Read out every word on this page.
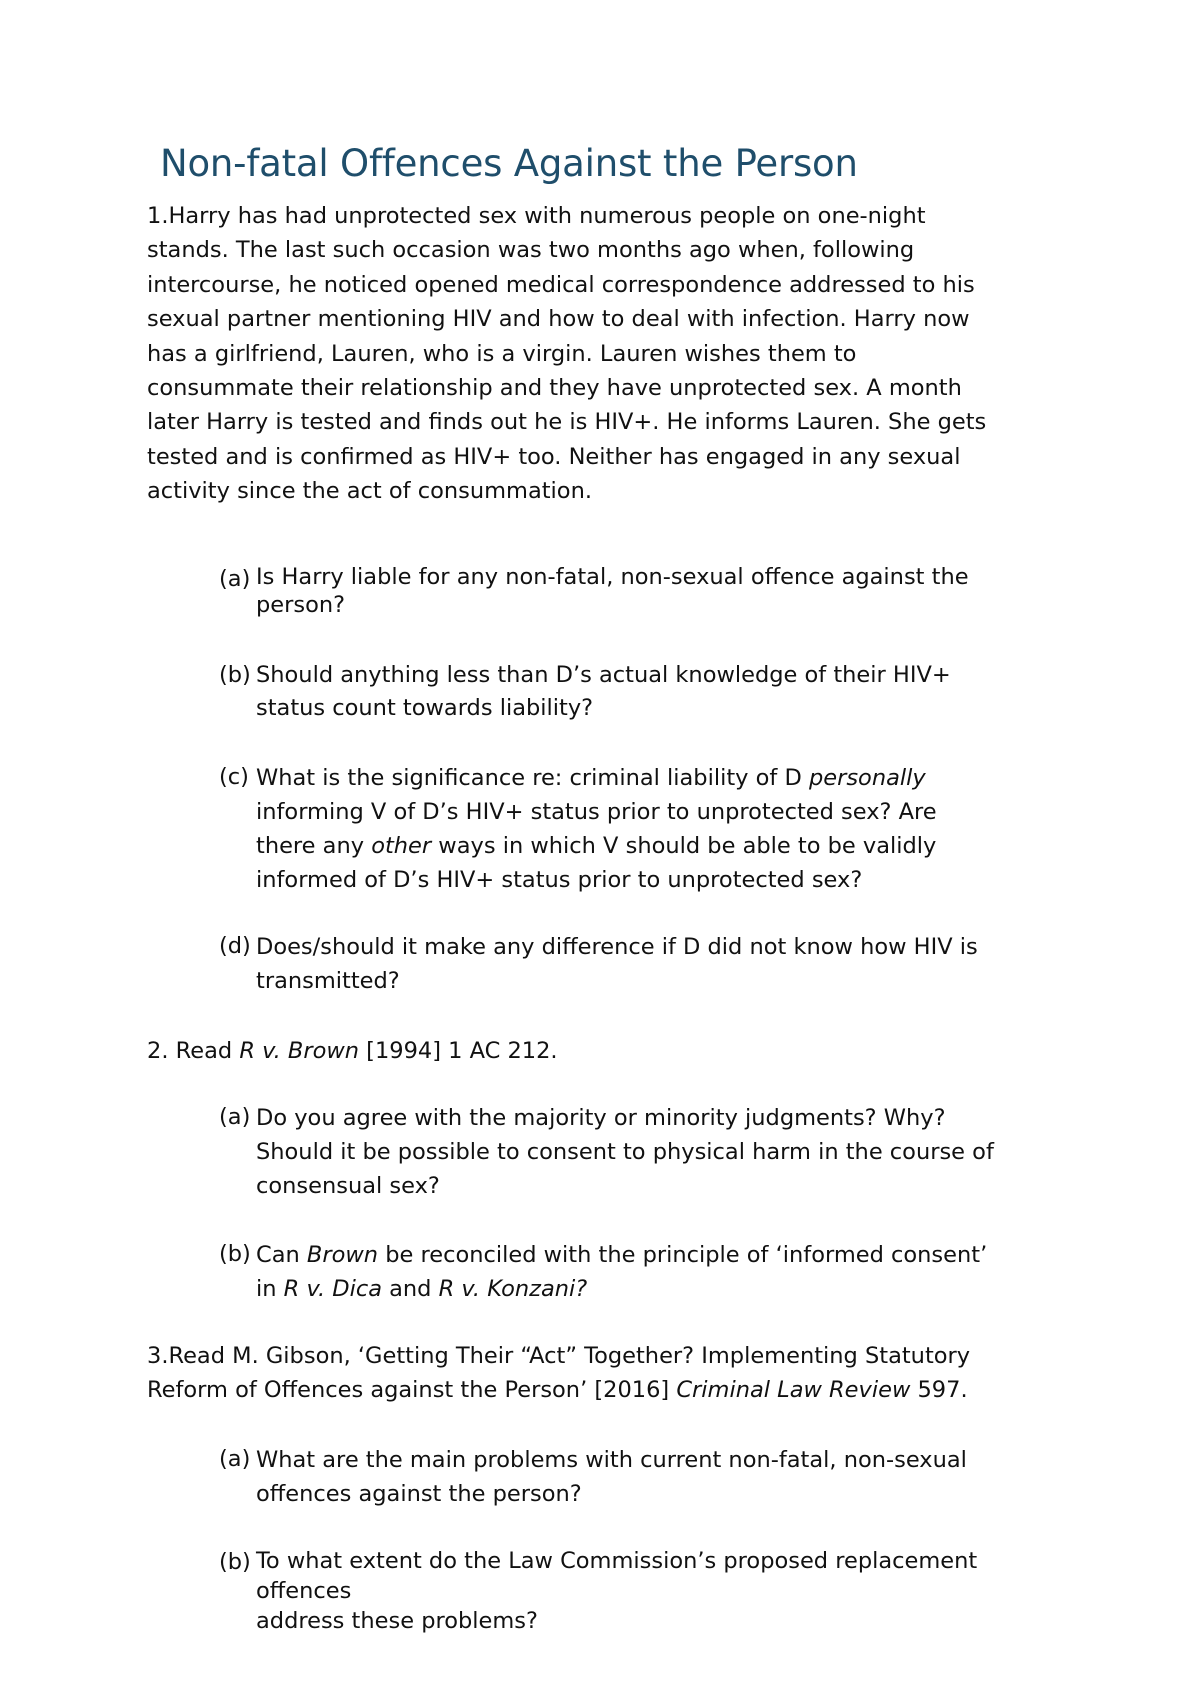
Non-fatal Offences Against the Person
1.Harry has had unprotected sex with numerous people on one-night
stands. The last such occasion was two months ago when, following
intercourse, he noticed opened medical correspondence addressed to his
sexual partner mentioning HIV and how to deal with infection. Harry now
has a girlfriend, Lauren, who is a virgin. Lauren wishes them to
consummate their relationship and they have unprotected sex. A month
later Harry is tested and finds out he is HIV+. He informs Lauren. She gets
tested and is confirmed as HIV+ too. Neither has engaged in any sexual
activity since the act of consummation.
(a) Is Harry liable for any non-fatal, non-sexual offence against the
person?
(b) Should anything less than D’s actual knowledge of their HIV+
status count towards liability?
(c) What is the significance re: criminal liability of D personally
informing V of D’s HIV+ status prior to unprotected sex? Are
there any other ways in which V should be able to be validly
informed of D’s HIV+ status prior to unprotected sex?
(d) Does/should it make any difference if D did not know how HIV is
transmitted?
2. Read R v. Brown [1994] 1 AC 212.
(a) Do you agree with the majority or minority judgments? Why?
Should it be possible to consent to physical harm in the course of
consensual sex?
(b) Can Brown be reconciled with the principle of ‘informed consent’
in R v. Dica and R v. Konzani?
3.Read M. Gibson, ‘Getting Their “Act” Together? Implementing Statutory
Reform of Offences against the Person’ [2016] Criminal Law Review 597.
(a) What are the main problems with current non-fatal, non-sexual
offences against the person?
(b) To what extent do the Law Commission’s proposed replacement
offences
address these problems?
